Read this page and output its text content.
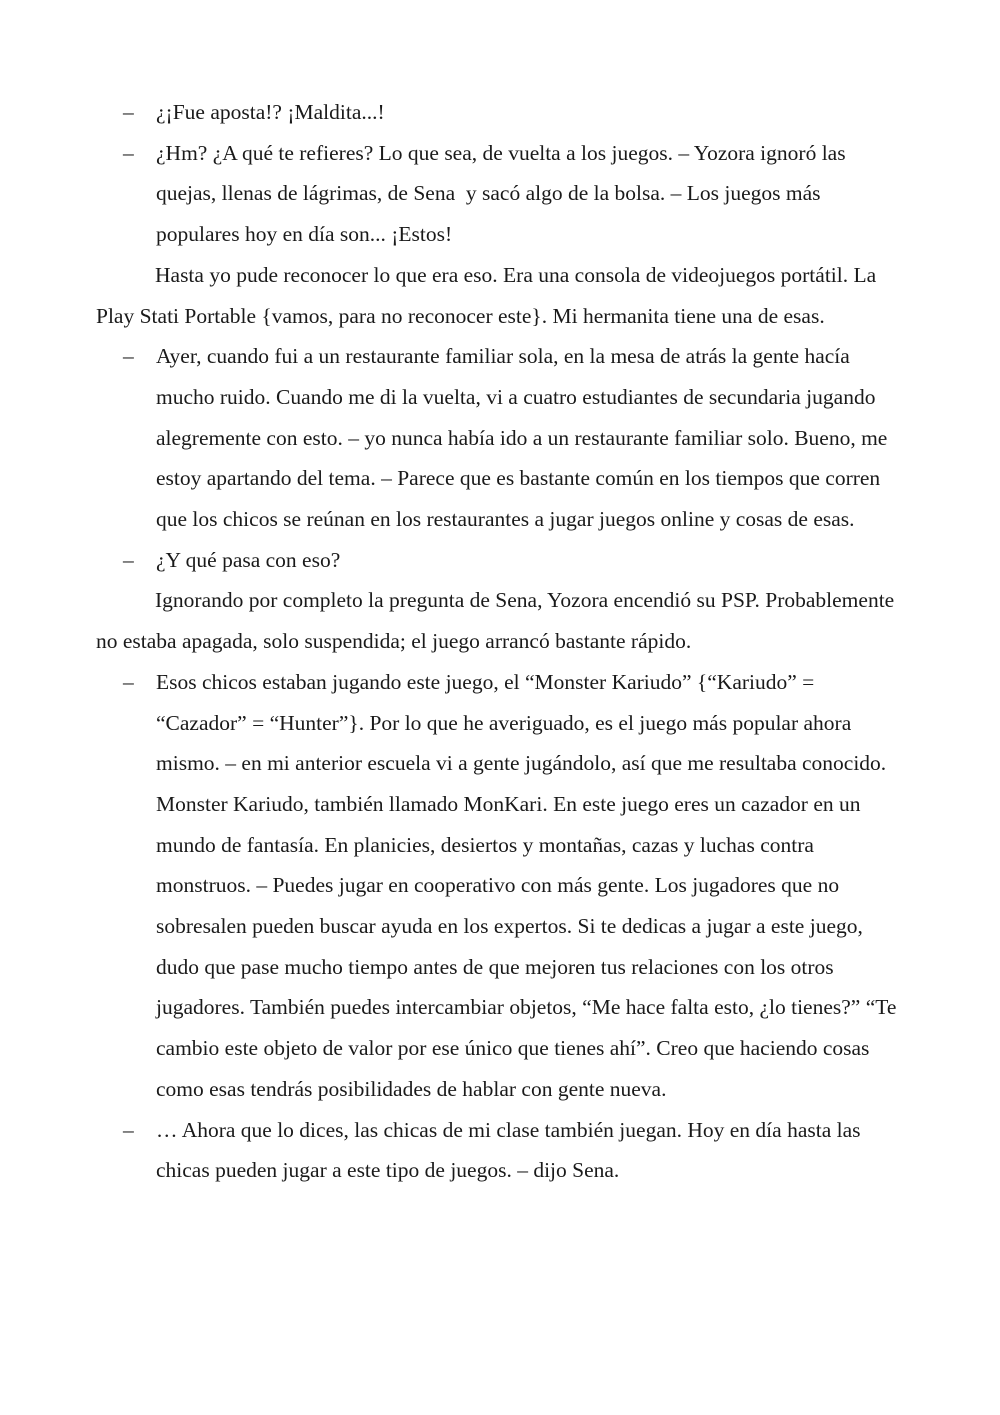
– ¿¡Fue aposta!? ¡Maldita...!

– ¿Hm? ¿A qué te refieres? Lo que sea, de vuelta a los juegos. – Yozora ignoró las quejas, llenas de lágrimas, de Sena  y sacó algo de la bolsa. – Los juegos más populares hoy en día son... ¡Estos!

Hasta yo pude reconocer lo que era eso. Era una consola de videojuegos portátil. La Play Stati Portable {vamos, para no reconocer este}. Mi hermanita tiene una de esas.

– Ayer, cuando fui a un restaurante familiar sola, en la mesa de atrás la gente hacía mucho ruido. Cuando me di la vuelta, vi a cuatro estudiantes de secundaria jugando alegremente con esto. – yo nunca había ido a un restaurante familiar solo. Bueno, me estoy apartando del tema. – Parece que es bastante común en los tiempos que corren que los chicos se reúnan en los restaurantes a jugar juegos online y cosas de esas.

– ¿Y qué pasa con eso?

Ignorando por completo la pregunta de Sena, Yozora encendió su PSP. Probablemente no estaba apagada, solo suspendida; el juego arrancó bastante rápido.

– Esos chicos estaban jugando este juego, el “Monster Kariudo” {“Kariudo” = “Cazador” = “Hunter”}. Por lo que he averiguado, es el juego más popular ahora mismo. – en mi anterior escuela vi a gente jugándolo, así que me resultaba conocido. Monster Kariudo, también llamado MonKari. En este juego eres un cazador en un mundo de fantasía. En planicies, desiertos y montañas, cazas y luchas contra monstruos. – Puedes jugar en cooperativo con más gente. Los jugadores que no sobresalen pueden buscar ayuda en los expertos. Si te dedicas a jugar a este juego, dudo que pase mucho tiempo antes de que mejoren tus relaciones con los otros jugadores. También puedes intercambiar objetos, “Me hace falta esto, ¿lo tienes?” “Te cambio este objeto de valor por ese único que tienes ahí”. Creo que haciendo cosas como esas tendrás posibilidades de hablar con gente nueva.

– … Ahora que lo dices, las chicas de mi clase también juegan. Hoy en día hasta las chicas pueden jugar a este tipo de juegos. – dijo Sena.
